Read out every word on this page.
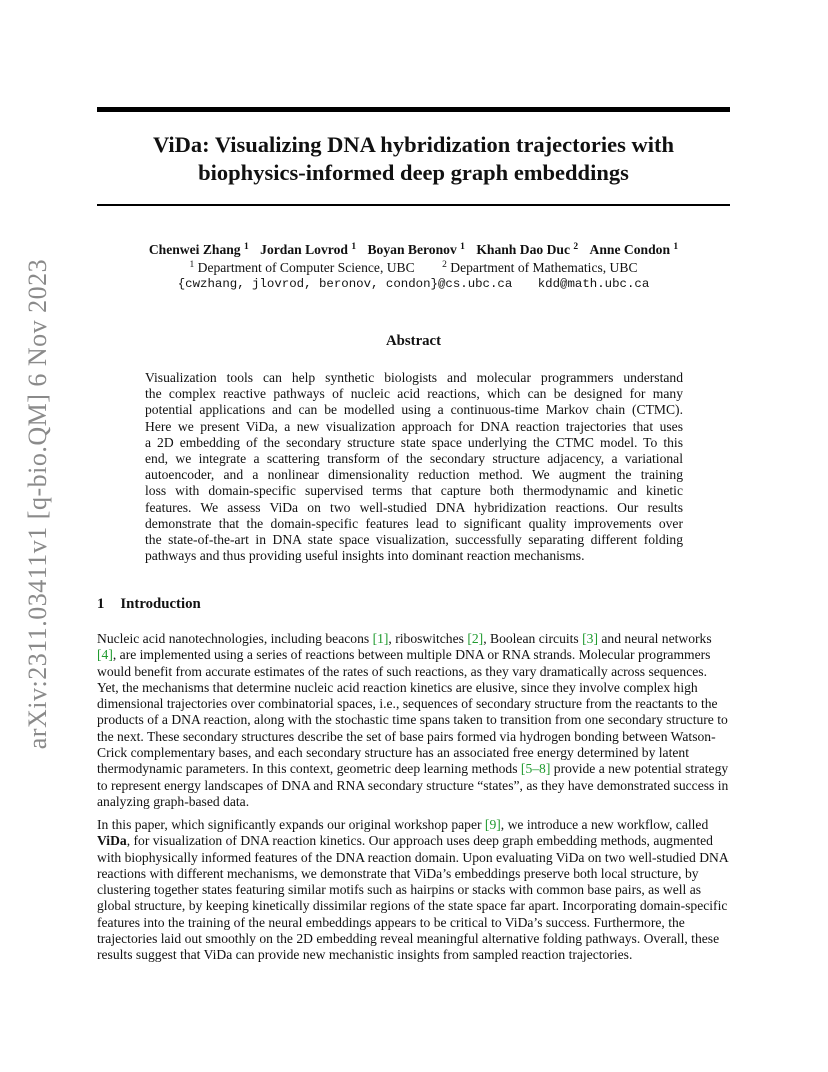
arXiv:2311.03411v1 [q-bio.QM] 6 Nov 2023
ViDa: Visualizing DNA hybridization trajectories with
biophysics-informed deep graph embeddings
Chenwei Zhang $^1$ Jordan Lovrod $^1$ Boyan Beronov $^1$ Khanh Dao Duc $^2$ Anne Condon $^1$
$^1$ Department of Computer Science, UBC	$^2$ Department of Mathematics, UBC
{cwzhang, jlovrod, beronov, condon}@cs.ubc.ca kdd@math.ubc.ca
Abstract
Visualization tools can help synthetic biologists and molecular programmers understand
the complex reactive pathways of nucleic acid reactions, which can be designed for many
potential applications and can be modelled using a continuous-time Markov chain (CTMC).
Here we present ViDa, a new visualization approach for DNA reaction trajectories that uses
a 2D embedding of the secondary structure state space underlying the CTMC model. To this
end, we integrate a scattering transform of the secondary structure adjacency, a variational
autoencoder, and a nonlinear dimensionality reduction method. We augment the training
loss with domain-specific supervised terms that capture both thermodynamic and kinetic
features. We assess ViDa on two well-studied DNA hybridization reactions. Our results
demonstrate that the domain-specific features lead to significant quality improvements over
the state-of-the-art in DNA state space visualization, successfully separating different folding
pathways and thus providing useful insights into dominant reaction mechanisms.
1 Introduction

Nucleic acid nanotechnologies, including beacons [1], riboswitches [2], Boolean circuits [3] and neural networks [4], are implemented using a series of reactions between multiple DNA or RNA strands. Molecular programmers would benefit from accurate estimates of the rates of such reactions, as they vary dramatically across sequences. Yet, the mechanisms that determine nucleic acid reaction kinetics are elusive, since they involve complex high dimensional trajectories over combinatorial spaces, i.e., sequences of secondary structure from the reactants to the products of a DNA reaction, along with the stochastic time spans taken to transition from one secondary structure to the next. These secondary structures describe the set of base pairs formed via hydrogen bonding between Watson-Crick complementary bases, and each secondary structure has an associated free energy determined by latent thermodynamic parameters. In this context, geometric deep learning methods [5–8] provide a new potential strategy to represent energy landscapes of DNA and RNA secondary structure “states”, as they have demonstrated success in analyzing graph-based data.

In this paper, which significantly expands our original workshop paper [9], we introduce a new workflow, called ViDa, for visualization of DNA reaction kinetics. Our approach uses deep graph embedding methods, augmented with biophysically informed features of the DNA reaction domain. Upon evaluating ViDa on two well-studied DNA reactions with different mechanisms, we demonstrate that ViDa’s embeddings preserve both local structure, by clustering together states featuring similar motifs such as hairpins or stacks with common base pairs, as well as global structure, by keeping kinetically dissimilar regions of the state space far apart. Incorporating domain-specific features into the training of the neural embeddings appears to be critical to ViDa’s success. Furthermore, the trajectories laid out smoothly on the 2D embedding reveal meaningful alternative folding pathways. Overall, these results suggest that ViDa can provide new mechanistic insights from sampled reaction trajectories.
